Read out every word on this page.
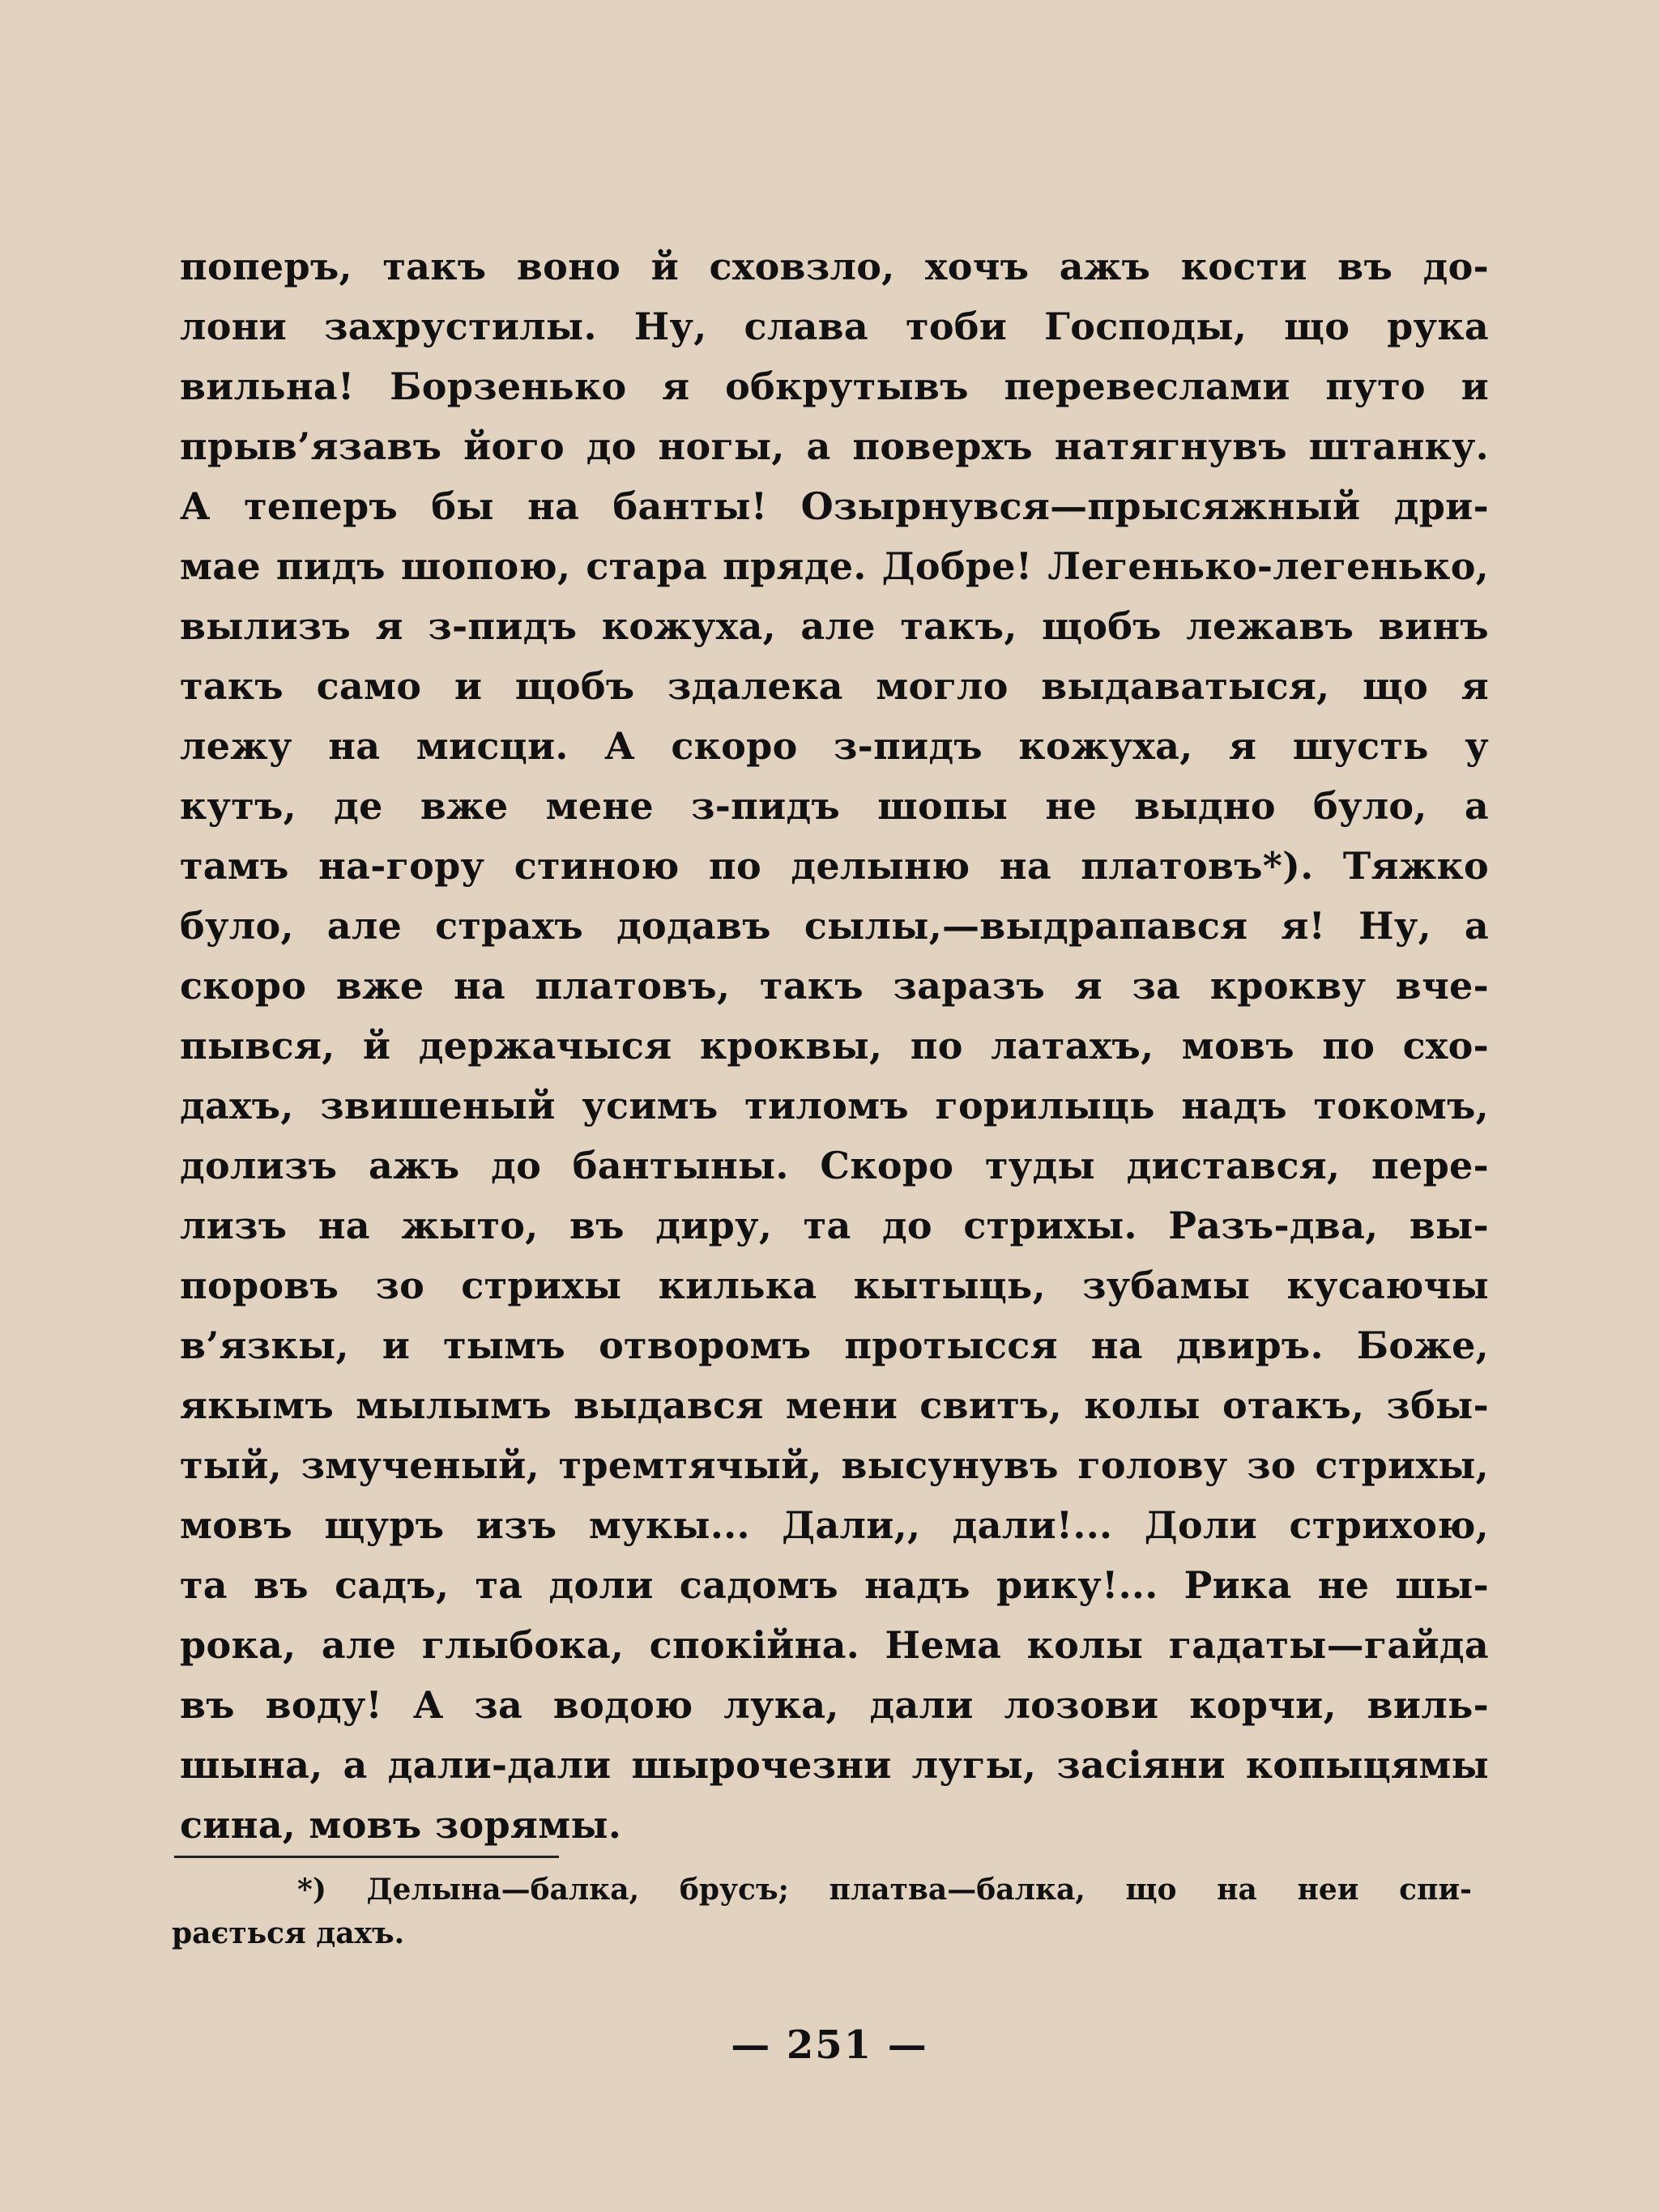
поперъ, такъ воно й сховзло, хочъ ажъ кости въ до-
лони захрустилы. Ну, слава тоби Господы, що рука
вильна! Борзенько я обкрутывъ перевеслами путо и
прыв’язавъ його до ногы, а поверхъ натягнувъ штанку.
А теперъ бы на банты! Озырнувся—прысяжный дри-
мае пидъ шопою, стара пряде. Добре! Легенько-легенько,
вылизъ я з-пидъ кожуха, але такъ, щобъ лежавъ винъ
такъ само и щобъ здалека могло выдаватыся, що я
лежу на мисци. А скоро з-пидъ кожуха, я шусть у
кутъ, де вже мене з-пидъ шопы не выдно було, а
тамъ на-гору стиною по делыню на платовъ*). Тяжко
було, але страхъ додавъ сылы,—выдрапався я! Ну, а
скоро вже на платовъ, такъ заразъ я за крокву вче-
пывся, й держачыся кроквы, по латахъ, мовъ по схо-
дахъ, звишеный усимъ тиломъ горилыць надъ токомъ,
долизъ ажъ до бантыны. Скоро туды дистався, пере-
лизъ на жыто, въ диру, та до стрихы. Разъ-два, вы-
поровъ зо стрихы килька кытыць, зубамы кусаючы
в’язкы, и тымъ отворомъ протысся на двиръ. Боже,
якымъ мылымъ выдався мени свитъ, колы отакъ, збы-
тый, змученый, тремтячый, высунувъ голову зо стрихы,
мовъ щуръ изъ мукы... Дали,, дали!... Доли стрихою,
та въ садъ, та доли садомъ надъ рику!... Рика не шы-
рока, але глыбока, спокійна. Нема колы гадаты—гайда
въ воду! А за водою лука, дали лозови корчи, виль-
шына, а дали-дали шырочезни лугы, засіяни копыцямы
сина, мовъ зорямы.
*) Делына—балка, брусъ; платва—балка, що на неи спи-
рається дахъ.
— 251 —
